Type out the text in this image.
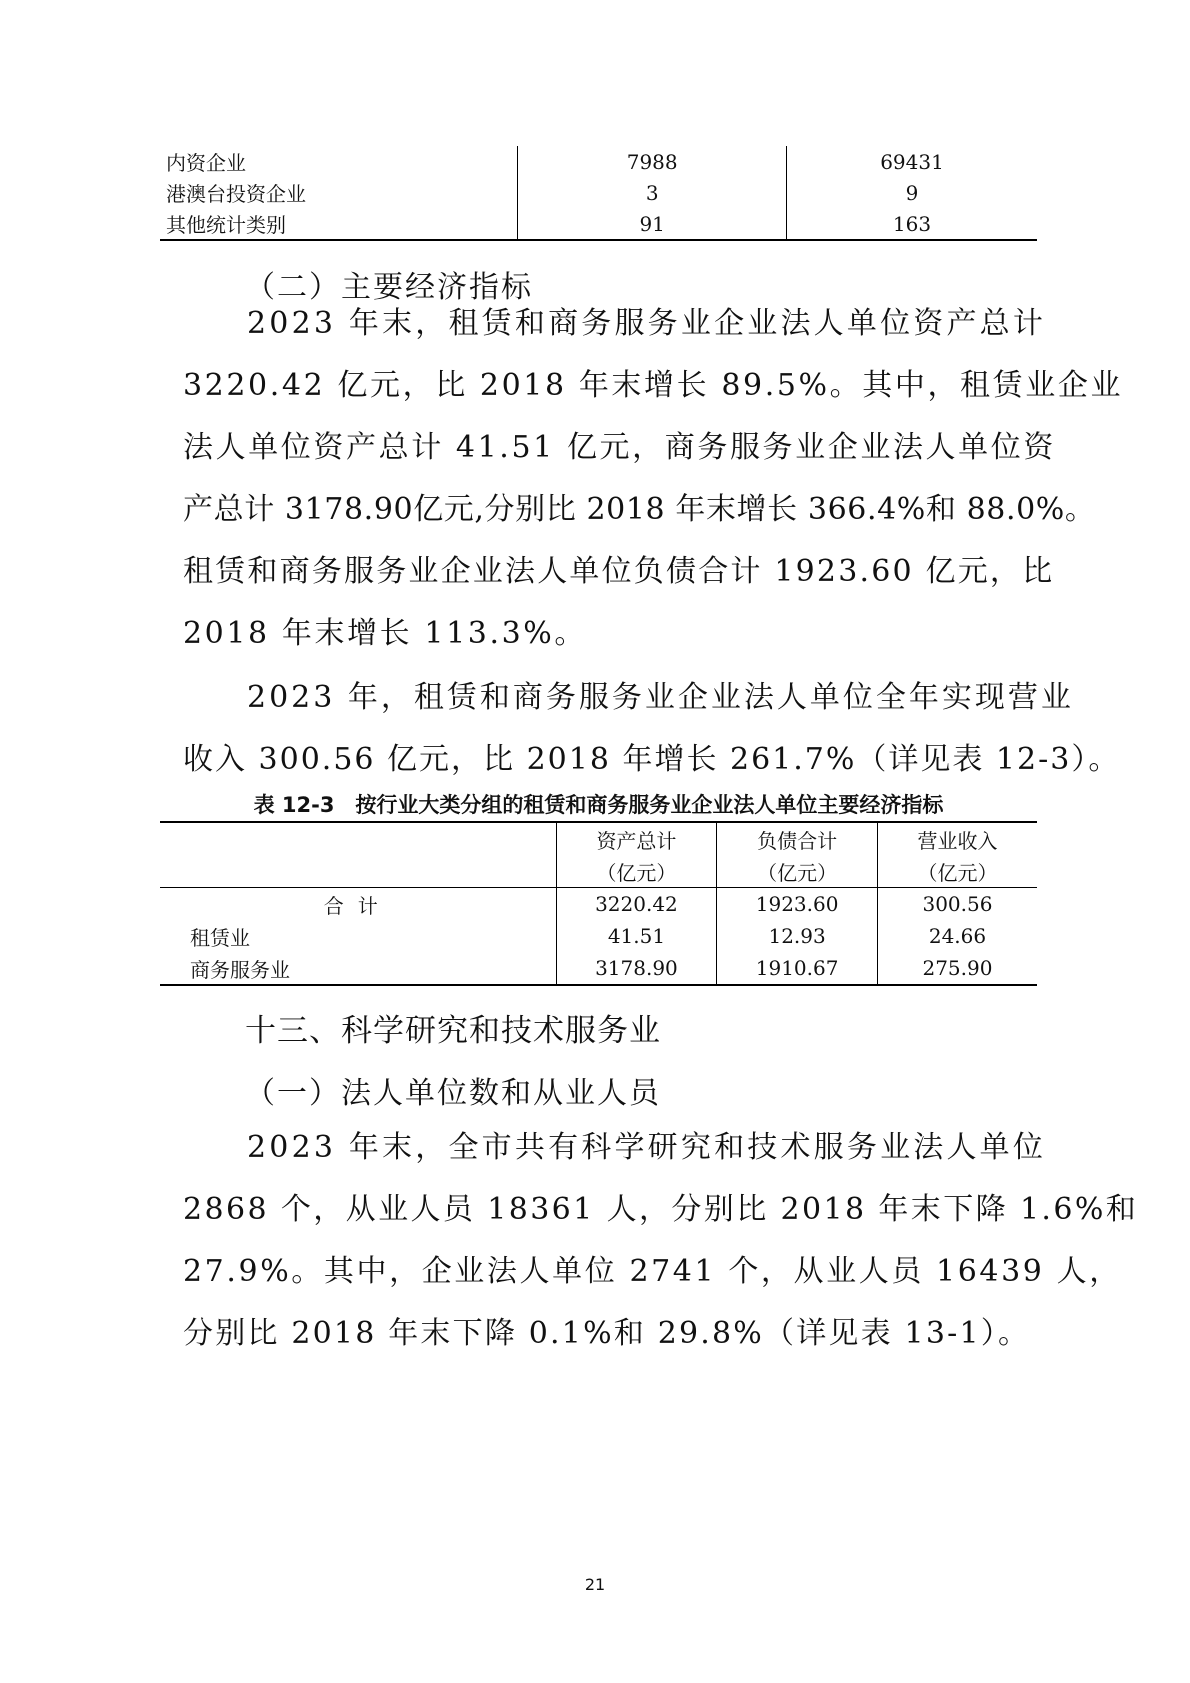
内资企业	7988	69431
港澳台投资企业	3	9
其他统计类别	91	163
（二）主要经济指标
2023 年末，租赁和商务服务业企业法人单位资产总计
3220.42 亿元，比 2018 年末增长 89.5%。其中，租赁业企业
法人单位资产总计 41.51 亿元，商务服务业企业法人单位资
产总计 3178.90亿元,分别比 2018 年末增长 366.4%和 88.0%。
租赁和商务服务业企业法人单位负债合计 1923.60 亿元，比
2018 年末增长 113.3%。
2023 年，租赁和商务服务业企业法人单位全年实现营业
收入 300.56 亿元，比 2018 年增长 261.7%（详见表 12-3）。
表 12-3　按行业大类分组的租赁和商务服务业企业法人单位主要经济指标
	资产总计	负债合计	营业收入
	（亿元）	（亿元）	（亿元）
合计	3220.42	1923.60	300.56
租赁业	41.51	12.93	24.66
商务服务业	3178.90	1910.67	275.90
十三、科学研究和技术服务业
（一）法人单位数和从业人员
2023 年末，全市共有科学研究和技术服务业法人单位
2868 个，从业人员 18361 人，分别比 2018 年末下降 1.6%和
27.9%。其中，企业法人单位 2741 个，从业人员 16439 人，
分别比 2018 年末下降 0.1%和 29.8%（详见表 13-1）。
21
